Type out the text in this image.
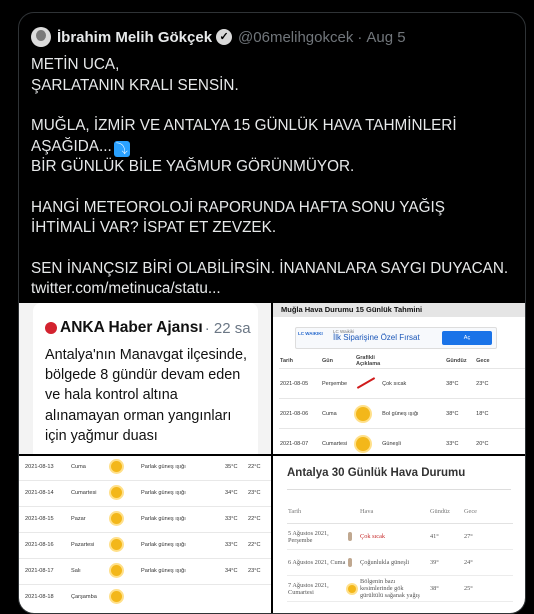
İbrahim Melih Gökçek ✓ @06melihgokcek · Aug 5

METİN UCA,
ŞARLATANIN KRALI SENSİN.

MUĞLA, İZMİR VE ANTALYA 15 GÜNLÜK HAVA TAHMİNLERİ AŞAĞIDA... ⤵
BİR GÜNLÜK BİLE YAĞMUR GÖRÜNMÜYOR.

HANGİ METEOROLOJİ RAPORUNDA HAFTA SONU YAĞIŞ İHTİMALİ VAR? İSPAT ET ZEVZEK.

SEN İNANÇSIZ BİRİ OLABİLİRSİN. İNANANLARA SAYGI DUYACAN.
twitter.com/metinuca/statu...

ANKA Haber Ajansı · 22 sa
Antalya'nın Manavgat ilçesinde, bölgede 8 gündür devam eden ve hala kontrol altına alınamayan orman yangınları için yağmur duası
Muğla Hava Durumu 15 Günlük Tahmini
LC WAIKIKI LC Waikiki
İlk Siparişine Özel Fırsat	Aç
Tarih	Gün	Grafikli Açıklama		Gündüz	Gece
2021-08-05	Perşembe		Çok sıcak	38°C	23°C
2021-08-06	Cuma		Bol güneş ışığı	38°C	18°C
2021-08-07	Cumartesi		Güneşli	33°C	20°C
2021-08-13	Cuma	Parlak güneş ışığı	35°C 22°C
2021-08-14	Cumartesi	Parlak güneş ışığı	34°C 23°C
2021-08-15	Pazar	Parlak güneş ışığı	33°C 22°C
2021-08-16	Pazartesi	Parlak güneş ışığı	33°C 22°C
2021-08-17	Salı	Parlak güneş ışığı	34°C 23°C
2021-08-18	Çarşamba
Antalya 30 Günlük Hava Durumu
Tarih		Hava	Gündüz	Gece
5 Ağustos 2021, Perşembe		Çok sıcak	41°	27°
6 Ağustos 2021, Cuma		Çoğunlukla güneşli	39°	24°
7 Ağustos 2021, Cumartesi		Bölgenin bazı kesimlerinde gök gürültülü sağanak yağış	38°	25°
